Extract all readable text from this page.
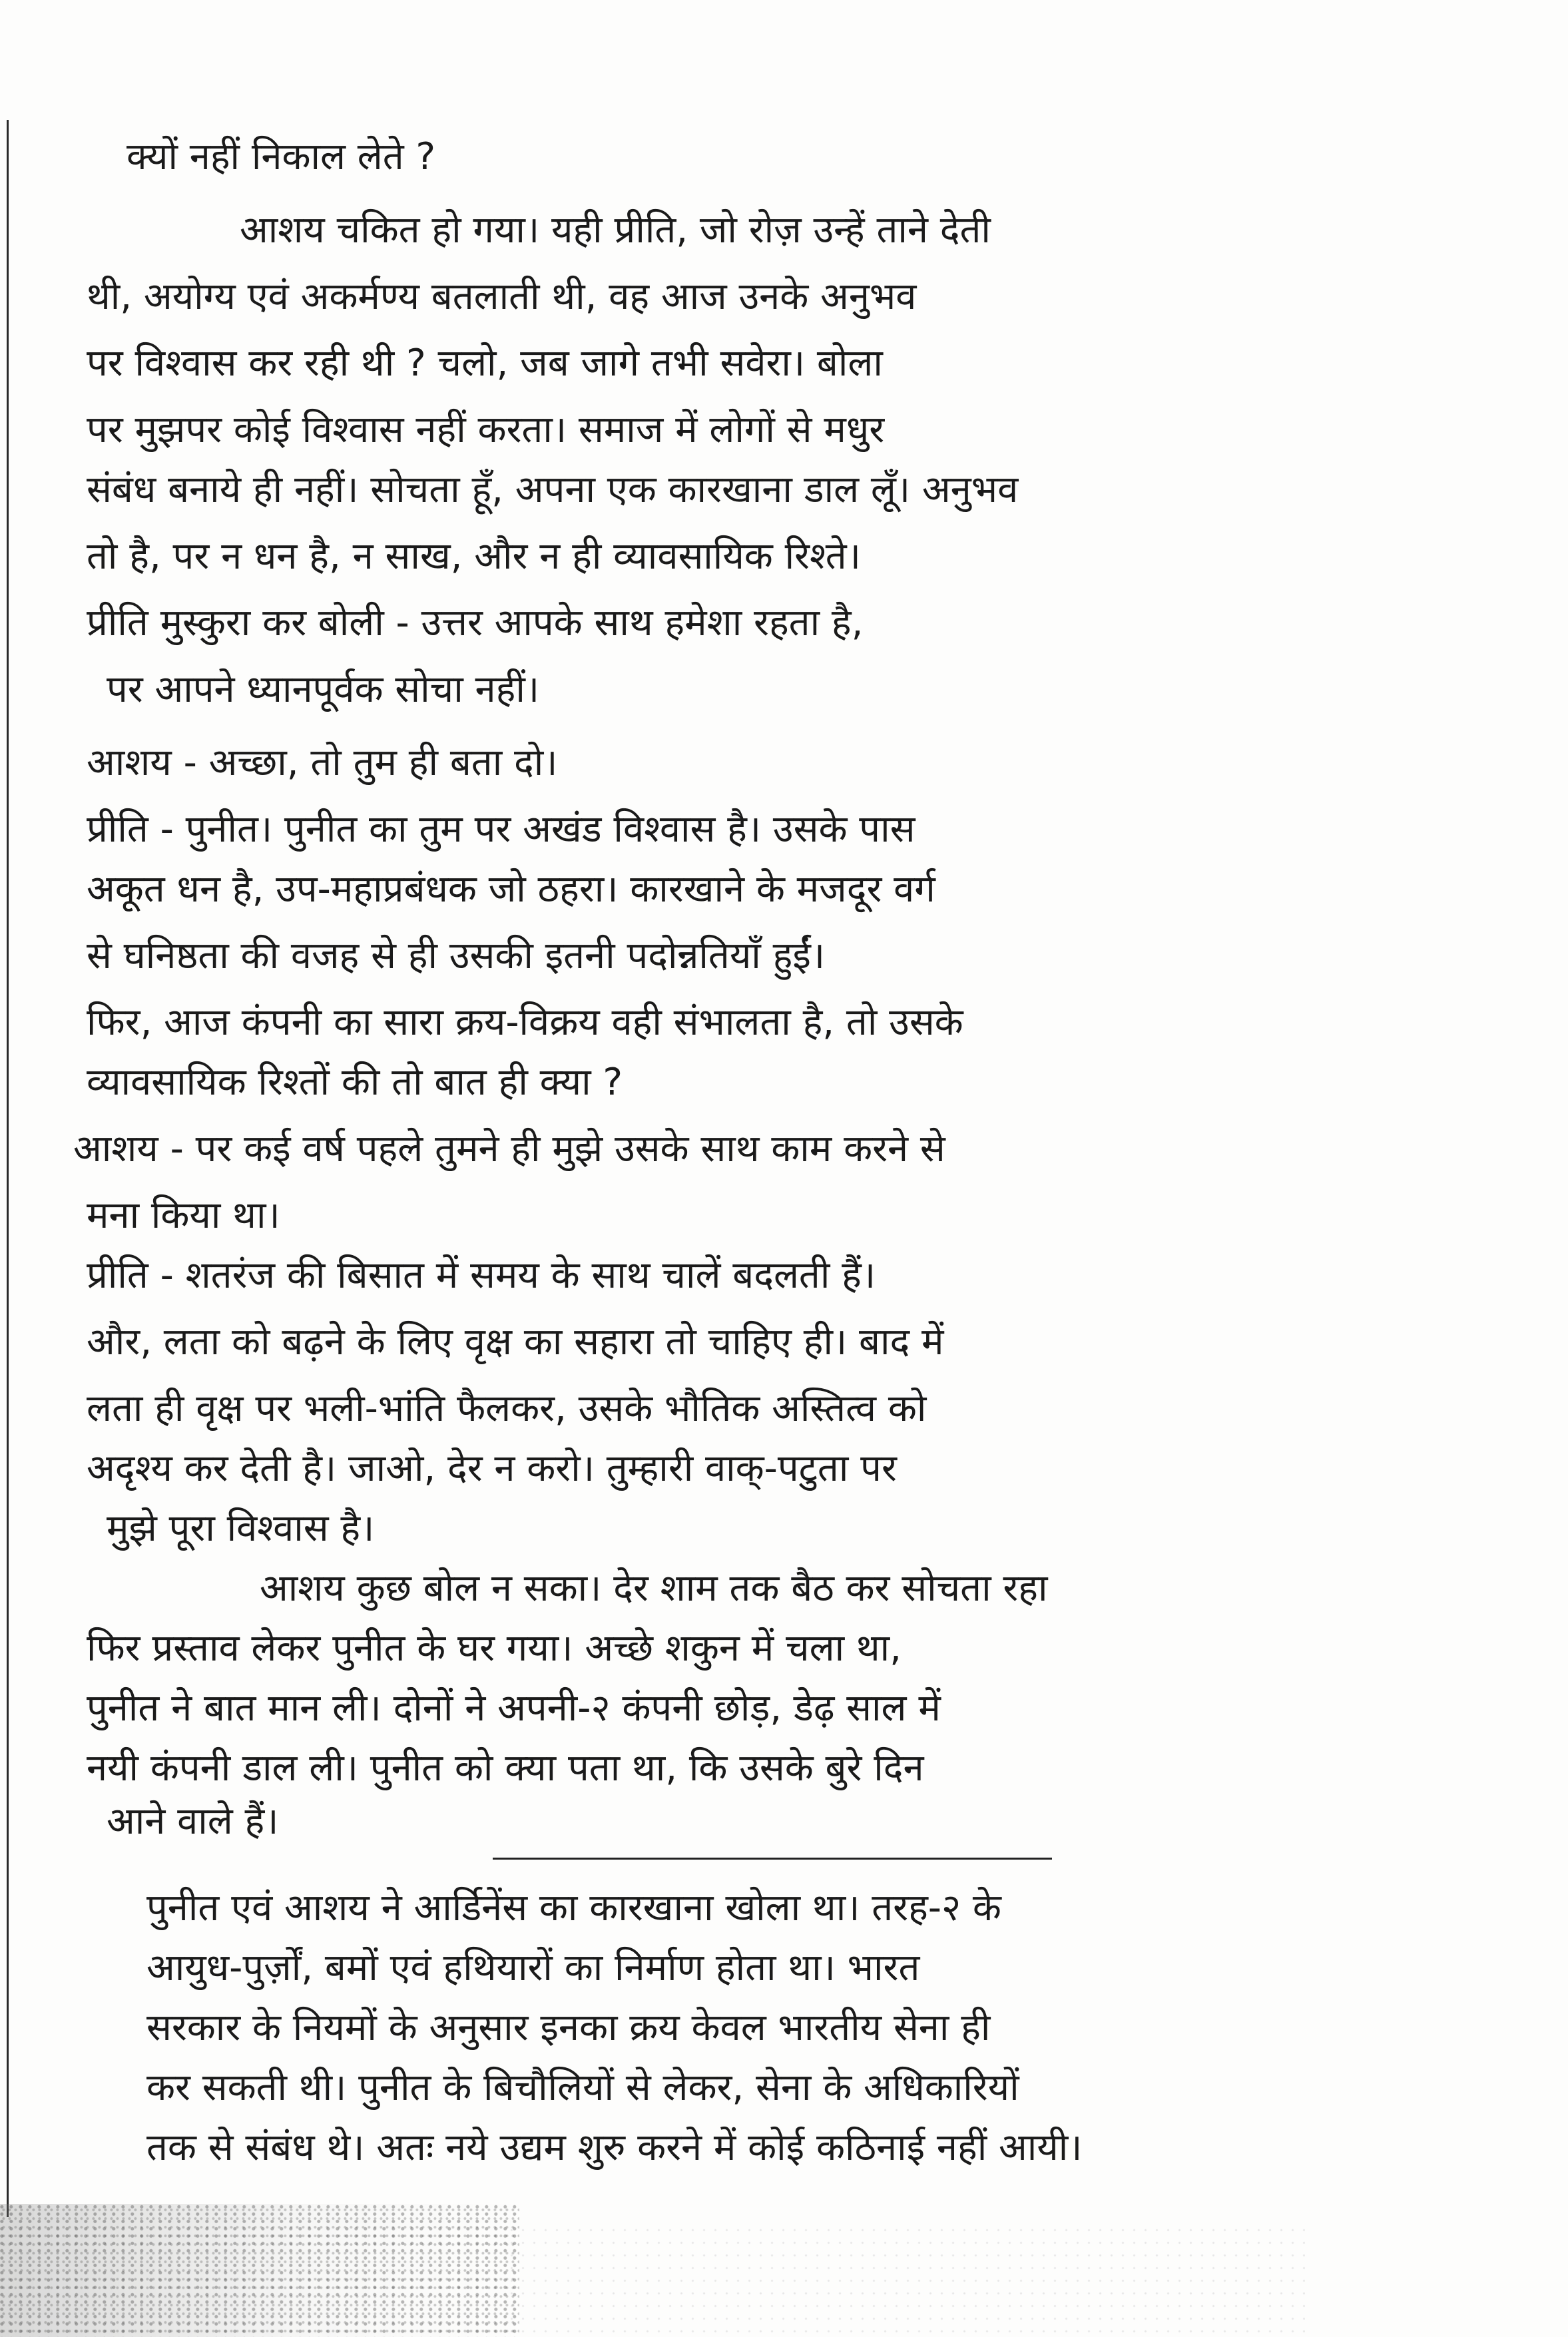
क्यों नहीं निकाल लेते ?
आशय चकित हो गया। यही प्रीति, जो रोज़ उन्हें ताने देती
थी, अयोग्य एवं अकर्मण्य बतलाती थी, वह आज उनके अनुभव
पर विश्वास कर रही थी ? चलो, जब जागे तभी सवेरा। बोला
पर मुझपर कोई विश्वास नहीं करता। समाज में लोगों से मधुर
संबंध बनाये ही नहीं। सोचता हूँ, अपना एक कारखाना डाल लूँ। अनुभव
तो है, पर न धन है, न साख, और न ही व्यावसायिक रिश्ते।
प्रीति मुस्कुरा कर बोली - उत्तर आपके साथ हमेशा रहता है,
पर आपने ध्यानपूर्वक सोचा नहीं।
आशय - अच्छा, तो तुम ही बता दो।
प्रीति - पुनीत। पुनीत का तुम पर अखंड विश्वास है। उसके पास
अकूत धन है, उप-महाप्रबंधक जो ठहरा। कारखाने के मजदूर वर्ग
से घनिष्ठता की वजह से ही उसकी इतनी पदोन्नतियाँ हुईं।
फिर, आज कंपनी का सारा क्रय-विक्रय वही संभालता है, तो उसके
व्यावसायिक रिश्तों की तो बात ही क्या ?
आशय - पर कई वर्ष पहले तुमने ही मुझे उसके साथ काम करने से
मना किया था।
प्रीति - शतरंज की बिसात में समय के साथ चालें बदलती हैं।
और, लता को बढ़ने के लिए वृक्ष का सहारा तो चाहिए ही। बाद में
लता ही वृक्ष पर भली-भांति फैलकर, उसके भौतिक अस्तित्व को
अदृश्य कर देती है। जाओ, देर न करो। तुम्हारी वाक्-पटुता पर
मुझे पूरा विश्वास है।
आशय कुछ बोल न सका। देर शाम तक बैठ कर सोचता रहा
फिर प्रस्ताव लेकर पुनीत के घर गया। अच्छे शकुन में चला था,
पुनीत ने बात मान ली। दोनों ने अपनी-२ कंपनी छोड़, डेढ़ साल में
नयी कंपनी डाल ली। पुनीत को क्या पता था, कि उसके बुरे दिन
आने वाले हैं।
पुनीत एवं आशय ने आर्डिनेंस का कारखाना खोला था। तरह-२ के
आयुध-पुर्ज़ों, बमों एवं हथियारों का निर्माण होता था। भारत
सरकार के नियमों के अनुसार इनका क्रय केवल भारतीय सेना ही
कर सकती थी। पुनीत के बिचौलियों से लेकर, सेना के अधिकारियों
तक से संबंध थे। अतः नये उद्यम शुरु करने में कोई कठिनाई नहीं आयी।
